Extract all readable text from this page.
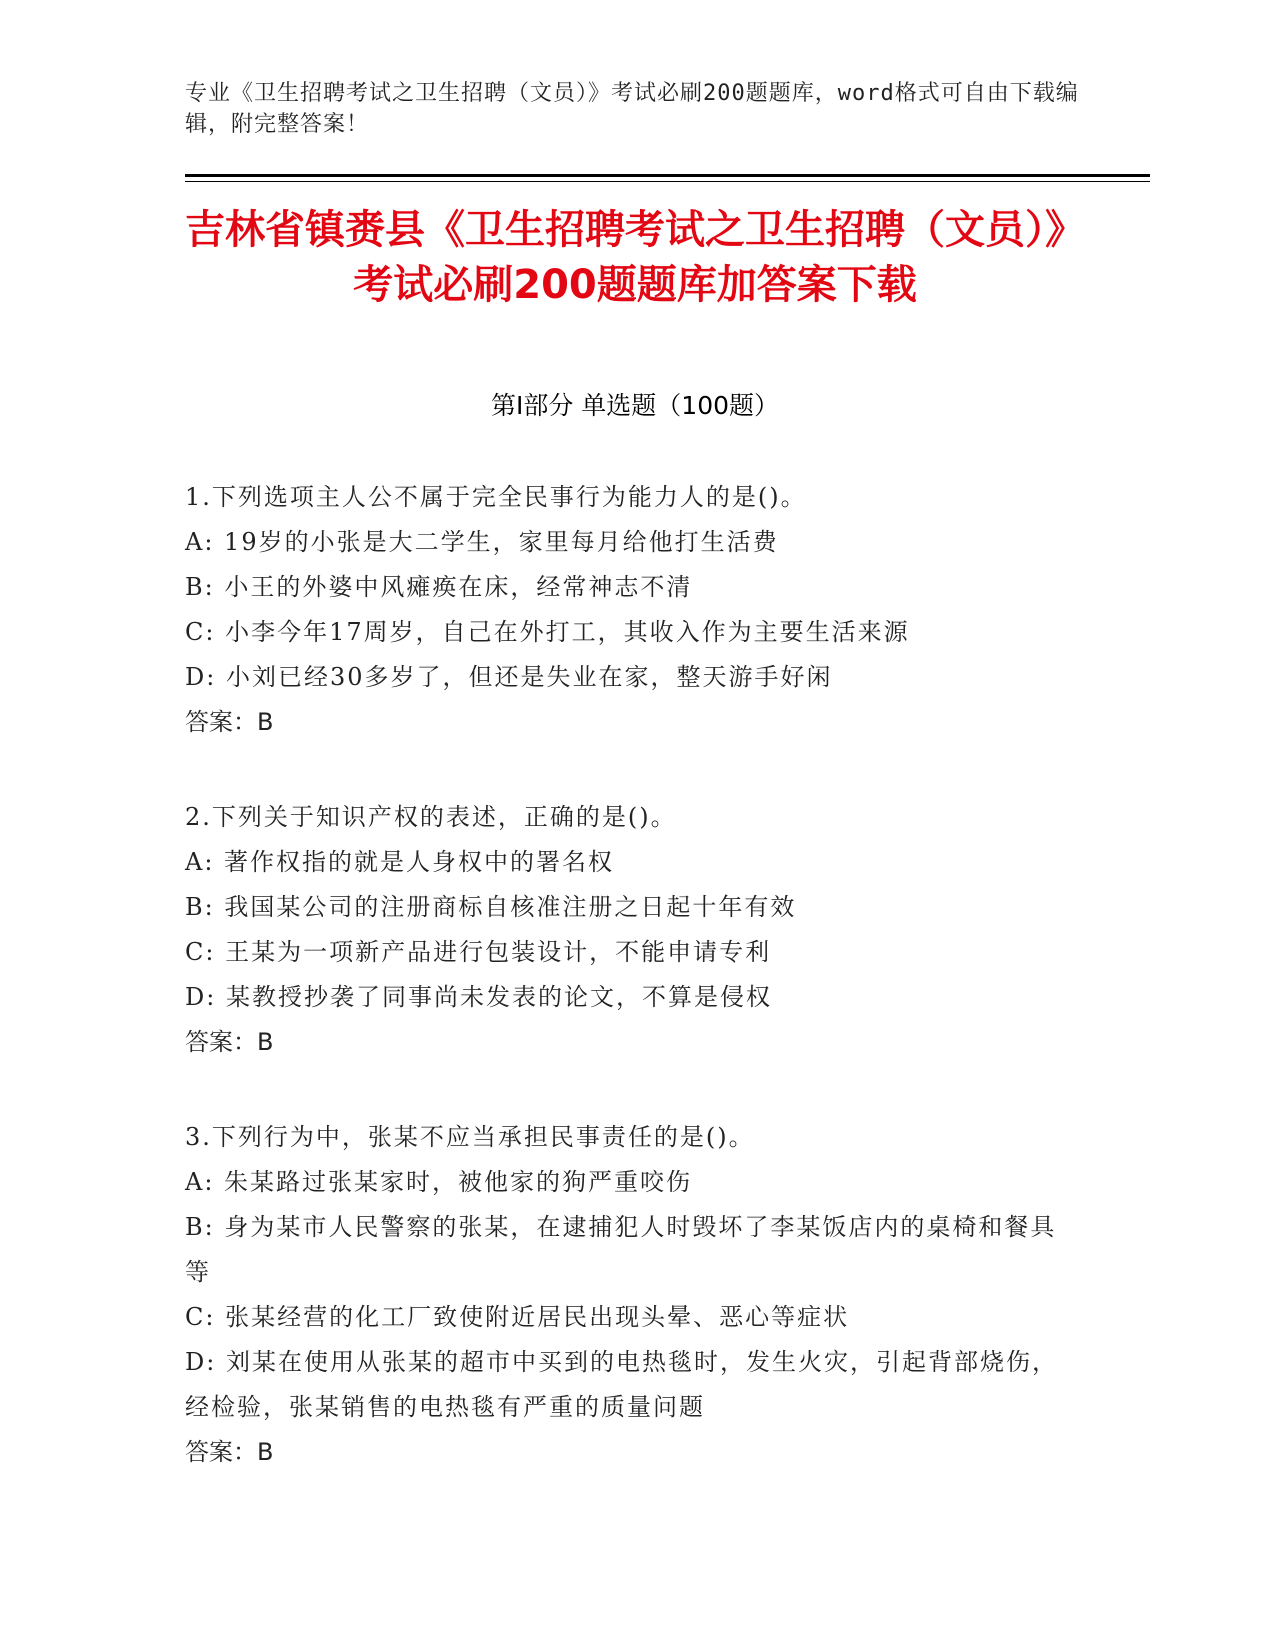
专业《卫生招聘考试之卫生招聘（文员）》考试必刷200题题库，word格式可自由下载编辑，附完整答案！
吉林省镇赉县《卫生招聘考试之卫生招聘（文员）》考试必刷200题题库加答案下载
第I部分 单选题（100题）

1.下列选项主人公不属于完全民事行为能力人的是()。

A: 19岁的小张是大二学生，家里每月给他打生活费

B: 小王的外婆中风瘫痪在床，经常神志不清

C: 小李今年17周岁，自己在外打工，其收入作为主要生活来源

D: 小刘已经30多岁了，但还是失业在家，整天游手好闲

答案：B

2.下列关于知识产权的表述，正确的是()。

A: 著作权指的就是人身权中的署名权

B: 我国某公司的注册商标自核准注册之日起十年有效

C: 王某为一项新产品进行包装设计，不能申请专利

D: 某教授抄袭了同事尚未发表的论文，不算是侵权

答案：B

3.下列行为中，张某不应当承担民事责任的是()。

A: 朱某路过张某家时，被他家的狗严重咬伤

B: 身为某市人民警察的张某，在逮捕犯人时毁坏了李某饭店内的桌椅和餐具等

C: 张某经营的化工厂致使附近居民出现头晕、恶心等症状

D: 刘某在使用从张某的超市中买到的电热毯时，发生火灾，引起背部烧伤，经检验，张某销售的电热毯有严重的质量问题

答案：B
